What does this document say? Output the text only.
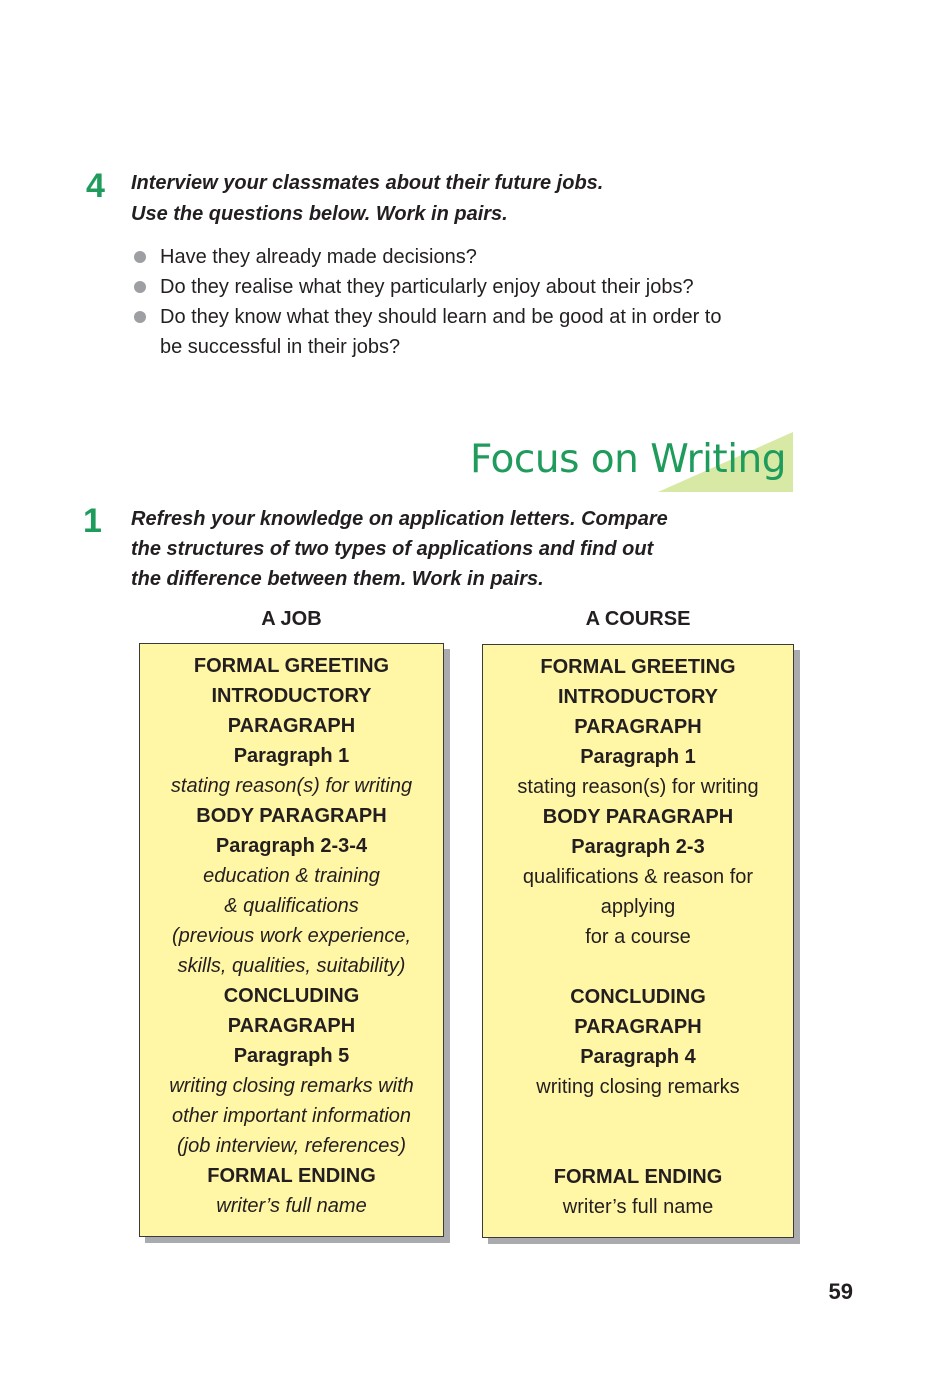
4 Interview your classmates about their future jobs.
Use the questions below. Work in pairs.
Have they already made decisions?
Do they realise what they particularly enjoy about their jobs?
Do they know what they should learn and be good at in order to
be successful in their jobs?
Focus on Writing
1 Refresh your knowledge on application letters. Compare
the structures of two types of applications and find out
the difference between them. Work in pairs.
A JOB	A COURSE
FORMAL GREETING
INTRODUCTORY
PARAGRAPH
Paragraph 1
stating reason(s) for writing
BODY PARAGRAPH
Paragraph 2-3-4
education & training
& qualifications
(previous work experience,
skills, qualities, suitability)
CONCLUDING
PARAGRAPH
Paragraph 5
writing closing remarks with
other important information
(job interview, references)
FORMAL ENDING
writer’s full name
FORMAL GREETING
INTRODUCTORY
PARAGRAPH
Paragraph 1
stating reason(s) for writing
BODY PARAGRAPH
Paragraph 2-3
qualifications & reason for
applying
for a course
CONCLUDING
PARAGRAPH
Paragraph 4
writing closing remarks
FORMAL ENDING
writer’s full name
59
